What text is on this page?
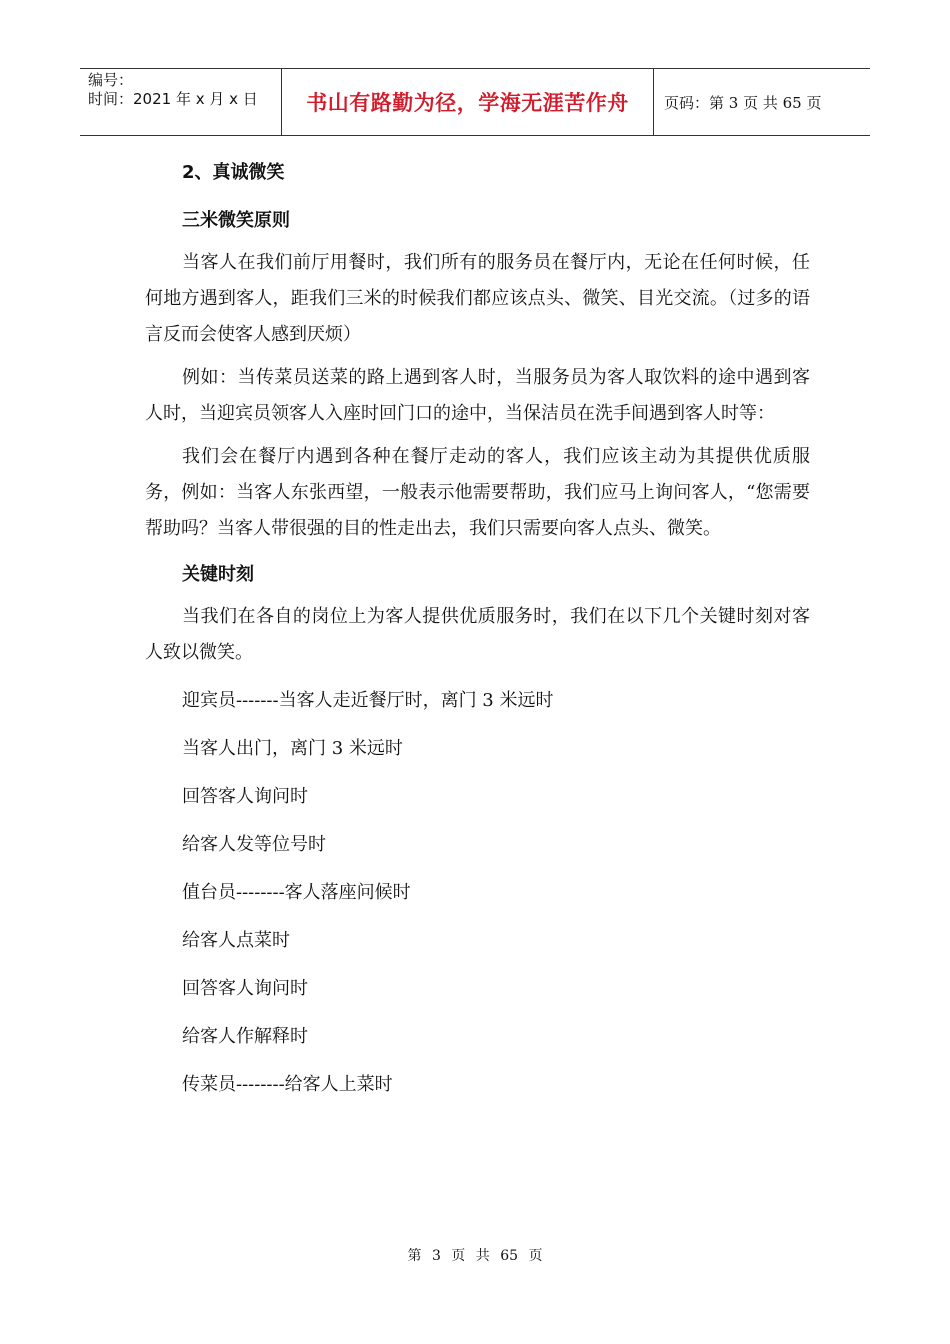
编号：
时间：2021 年 x 月 x 日	书山有路勤为径，学海无涯苦作舟 页码：第 3 页 共 65 页

2、真诚微笑

三米微笑原则

当客人在我们前厅用餐时，我们所有的服务员在餐厅内，无论在任何时候，任何地方遇到客人，距我们三米的时候我们都应该点头、微笑、目光交流。（过多的语言反而会使客人感到厌烦）

例如：当传菜员送菜的路上遇到客人时，当服务员为客人取饮料的途中遇到客人时，当迎宾员领客人入座时回门口的途中，当保洁员在洗手间遇到客人时等：

我们会在餐厅内遇到各种在餐厅走动的客人，我们应该主动为其提供优质服务，例如：当客人东张西望，一般表示他需要帮助，我们应马上询问客人，“您需要帮助吗？当客人带很强的目的性走出去，我们只需要向客人点头、微笑。

关键时刻

当我们在各自的岗位上为客人提供优质服务时，我们在以下几个关键时刻对客人致以微笑。

迎宾员-------当客人走近餐厅时，离门 3 米远时

当客人出门，离门 3 米远时

回答客人询问时

给客人发等位号时

值台员--------客人落座问候时

给客人点菜时

回答客人询问时

给客人作解释时

传菜员--------给客人上菜时

第 3 页 共 65 页
